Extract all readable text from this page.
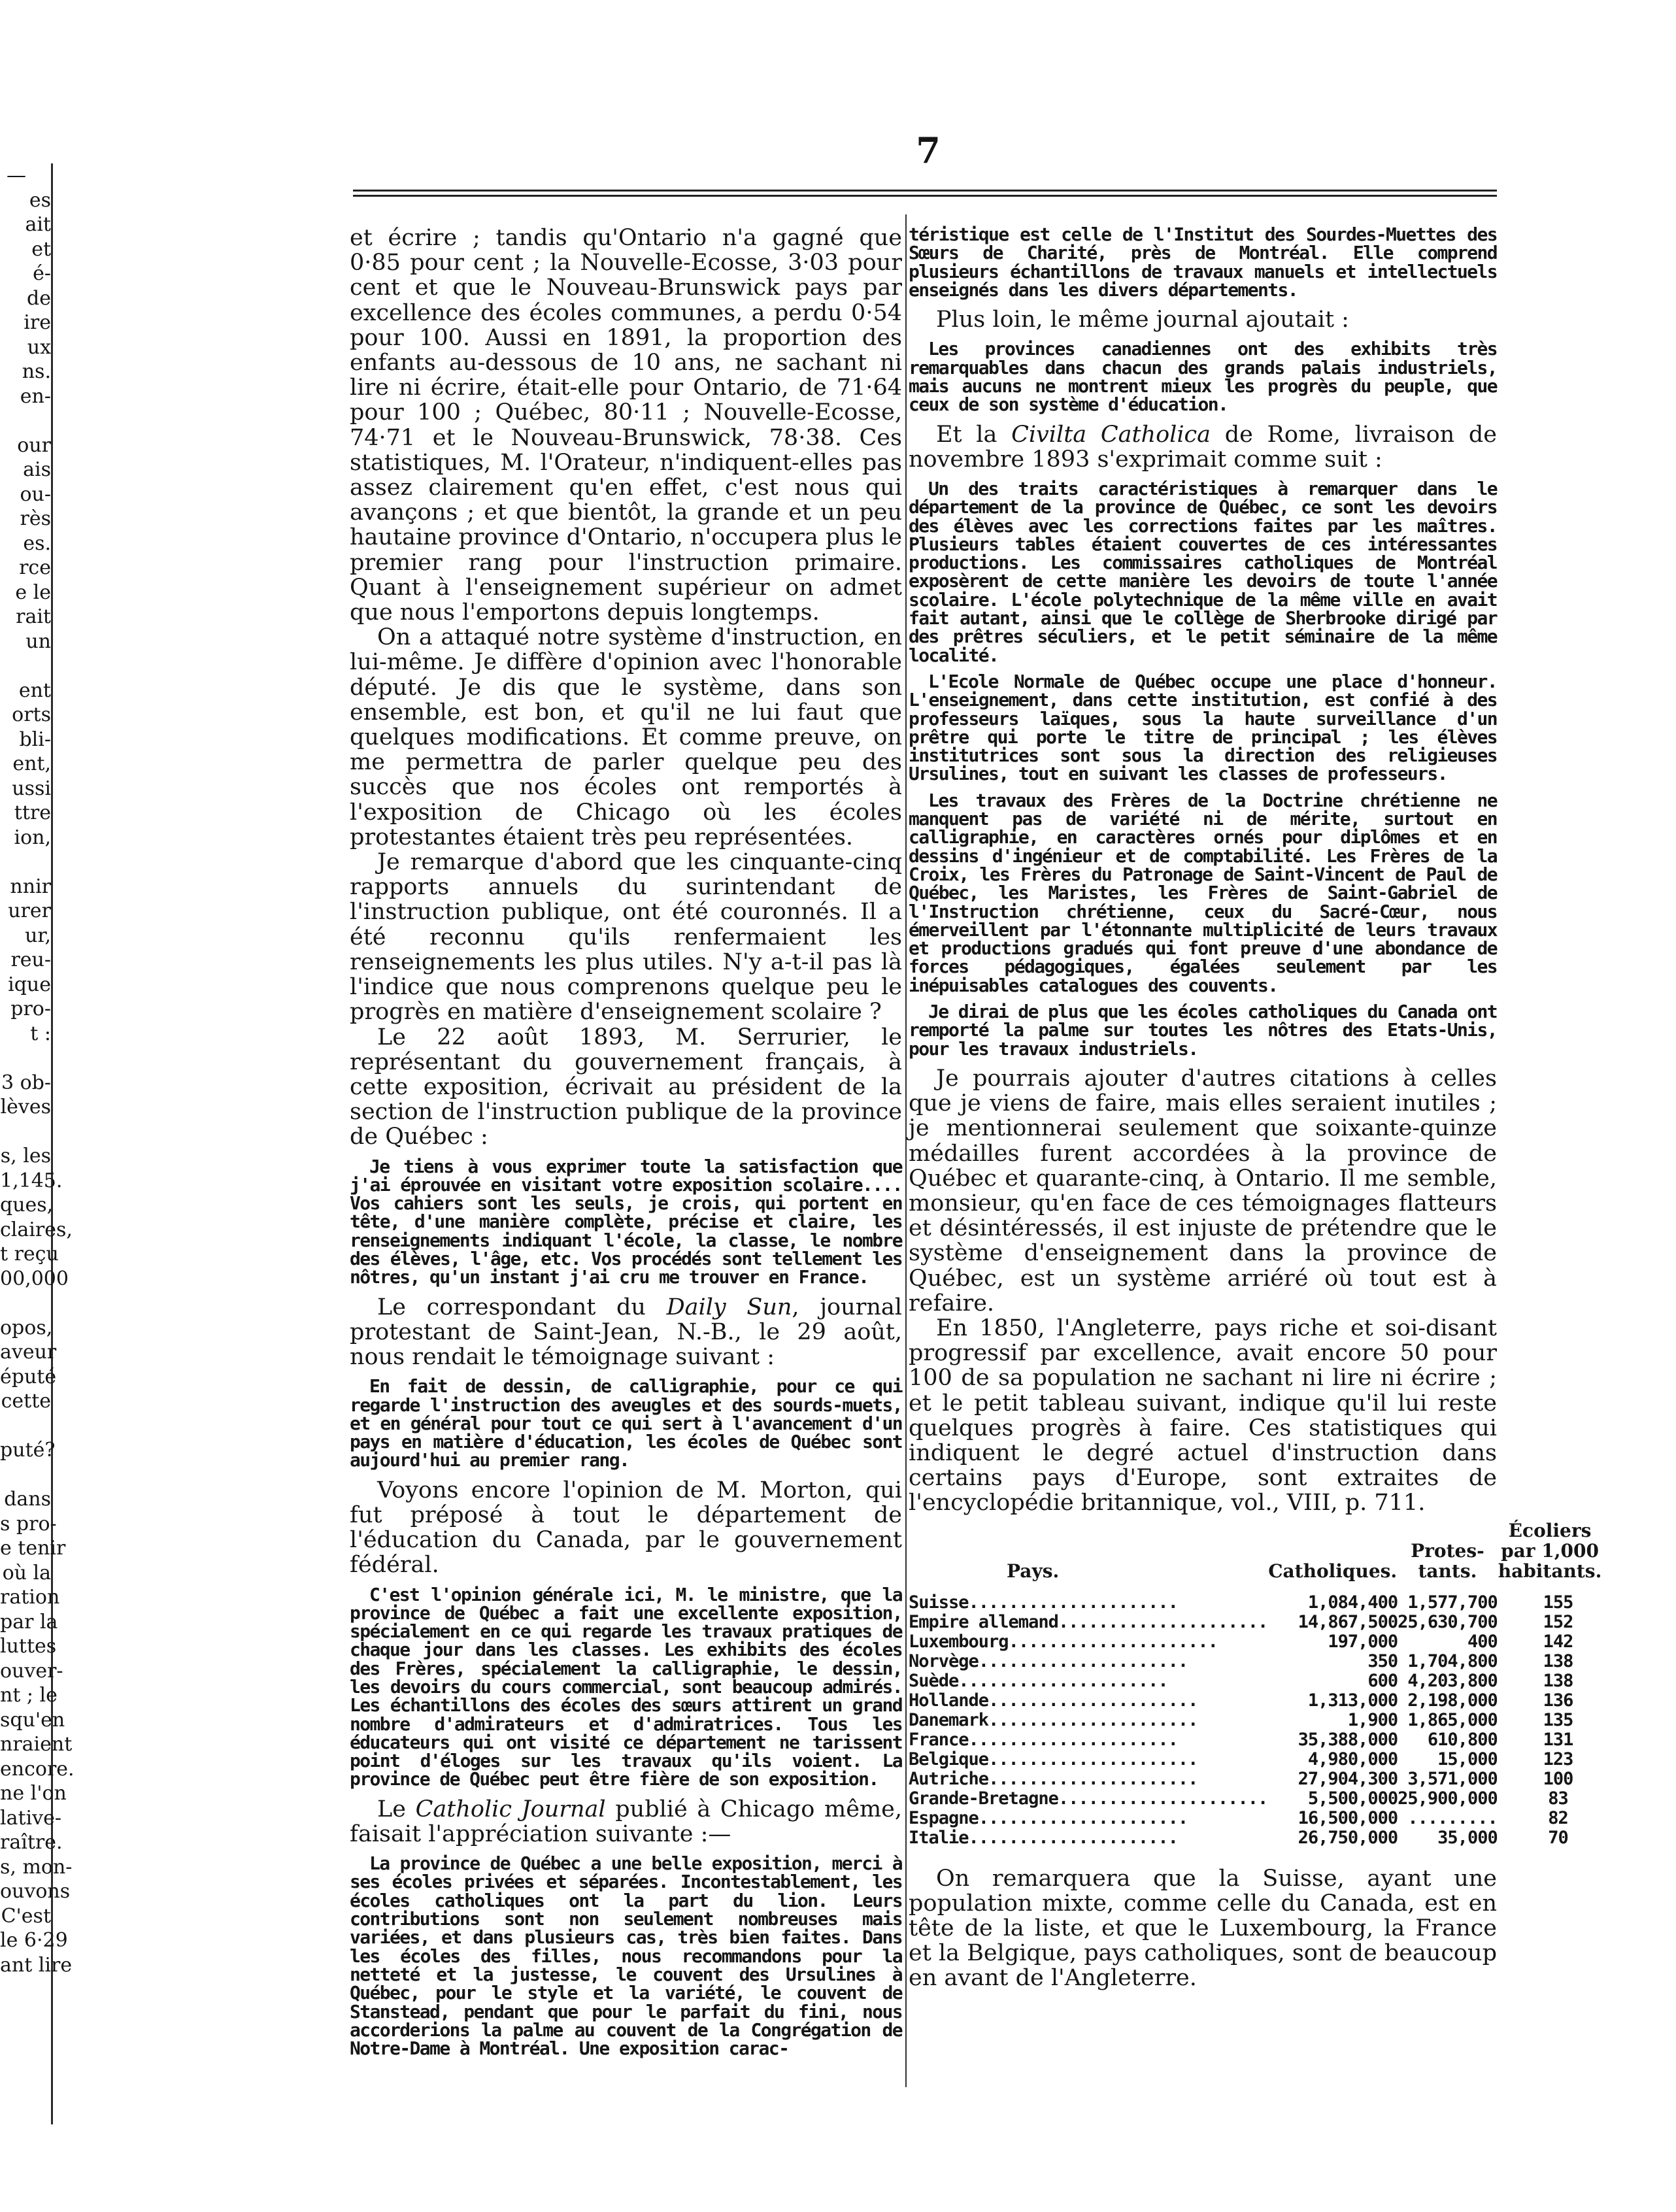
—
es
ait
et
é-
de
ire
ux
ns.
en-

our
ais
ou-
rès
es.
rce
e le
rait
un

ent
orts
bli-
ent,
ussi
ttre
ion,

nnir
urer
ur,
reu-
ique
pro-
t :

3 ob-
lèves

s, les
1,145.
ques,
claires,
t reçu
00,000

opos,
aveur
éputé
cette

puté?

dans
s pro-
e tenir
où la
ration
par la
luttes
ouver-
nt ; le
squ'en
nraient
encore.
ne l'on
lative-
raître.
s, mon-
ouvons
C'est
le 6·29
ant lire
7

et écrire ; tandis qu'Ontario n'a gagné que 0·85 pour cent ; la Nouvelle-Ecosse, 3·03 pour cent et que le Nouveau-Brunswick pays par excellence des écoles communes, a perdu 0·54 pour 100. Aussi en 1891, la proportion des enfants au-dessous de 10 ans, ne sachant ni lire ni écrire, était-elle pour Ontario, de 71·64 pour 100 ; Québec, 80·11 ; Nouvelle-Ecosse, 74·71 et le Nouveau-Brunswick, 78·38. Ces statistiques, M. l'Orateur, n'indiquent-elles pas assez clairement qu'en effet, c'est nous qui avançons ; et que bientôt, la grande et un peu hautaine province d'Ontario, n'occupera plus le premier rang pour l'instruction primaire. Quant à l'enseignement supérieur on admet que nous l'emportons depuis longtemps.

On a attaqué notre système d'instruction, en lui-même. Je diffère d'opinion avec l'honorable député. Je dis que le système, dans son ensemble, est bon, et qu'il ne lui faut que quelques modifications. Et comme preuve, on me permettra de parler quelque peu des succès que nos écoles ont remportés à l'exposition de Chicago où les écoles protestantes étaient très peu représentées.

Je remarque d'abord que les cinquante-cinq rapports annuels du surintendant de l'instruction publique, ont été couronnés. Il a été reconnu qu'ils renfermaient les renseignements les plus utiles. N'y a-t-il pas là l'indice que nous comprenons quelque peu le progrès en matière d'enseignement scolaire ?

Le 22 août 1893, M. Serrurier, le représentant du gouvernement français, à cette exposition, écrivait au président de la section de l'instruction publique de la province de Québec :

Je tiens à vous exprimer toute la satisfaction que j'ai éprouvée en visitant votre exposition scolaire.... Vos cahiers sont les seuls, je crois, qui portent en tête, d'une manière complète, précise et claire, les renseignements indiquant l'école, la classe, le nombre des élèves, l'âge, etc. Vos procédés sont tellement les nôtres, qu'un instant j'ai cru me trouver en France.

Le correspondant du Daily Sun, journal protestant de Saint-Jean, N.-B., le 29 août, nous rendait le témoignage suivant :

En fait de dessin, de calligraphie, pour ce qui regarde l'instruction des aveugles et des sourds-muets, et en général pour tout ce qui sert à l'avancement d'un pays en matière d'éducation, les écoles de Québec sont aujourd'hui au premier rang.

Voyons encore l'opinion de M. Morton, qui fut préposé à tout le département de l'éducation du Canada, par le gouvernement fédéral.

C'est l'opinion générale ici, M. le ministre, que la province de Québec a fait une excellente exposition, spécialement en ce qui regarde les travaux pratiques de chaque jour dans les classes. Les exhibits des écoles des Frères, spécialement la calligraphie, le dessin, les devoirs du cours commercial, sont beaucoup admirés. Les échantillons des écoles des sœurs attirent un grand nombre d'admirateurs et d'admiratrices. Tous les éducateurs qui ont visité ce département ne tarissent point d'éloges sur les travaux qu'ils voient. La province de Québec peut être fière de son exposition.

Le Catholic Journal publié à Chicago même, faisait l'appréciation suivante :—

La province de Québec a une belle exposition, merci à ses écoles privées et séparées. Incontestablement, les écoles catholiques ont la part du lion. Leurs contributions sont non seulement nombreuses mais variées, et dans plusieurs cas, très bien faites. Dans les écoles des filles, nous recommandons pour la netteté et la justesse, le couvent des Ursulines à Québec, pour le style et la variété, le couvent de Stanstead, pendant que pour le parfait du fini, nous accorderions la palme au couvent de la Congrégation de Notre-Dame à Montréal. Une exposition carac-

téristique est celle de l'Institut des Sourdes-Muettes des Sœurs de Charité, près de Montréal. Elle comprend plusieurs échantillons de travaux manuels et intellectuels enseignés dans les divers départements.

Plus loin, le même journal ajoutait :

Les provinces canadiennes ont des exhibits très remarquables dans chacun des grands palais industriels, mais aucuns ne montrent mieux les progrès du peuple, que ceux de son système d'éducation.

Et la Civilta Catholica de Rome, livraison de novembre 1893 s'exprimait comme suit :

Un des traits caractéristiques à remarquer dans le département de la province de Québec, ce sont les devoirs des élèves avec les corrections faites par les maîtres. Plusieurs tables étaient couvertes de ces intéressantes productions. Les commissaires catholiques de Montréal exposèrent de cette manière les devoirs de toute l'année scolaire. L'école polytechnique de la même ville en avait fait autant, ainsi que le collège de Sherbrooke dirigé par des prêtres séculiers, et le petit séminaire de la même localité.

L'Ecole Normale de Québec occupe une place d'honneur. L'enseignement, dans cette institution, est confié à des professeurs laïques, sous la haute surveillance d'un prêtre qui porte le titre de principal ; les élèves institutrices sont sous la direction des religieuses Ursulines, tout en suivant les classes de professeurs.

Les travaux des Frères de la Doctrine chrétienne ne manquent pas de variété ni de mérite, surtout en calligraphie, en caractères ornés pour diplômes et en dessins d'ingénieur et de comptabilité. Les Frères de la Croix, les Frères du Patronage de Saint-Vincent de Paul de Québec, les Maristes, les Frères de Saint-Gabriel de l'Instruction chrétienne, ceux du Sacré-Cœur, nous émerveillent par l'étonnante multiplicité de leurs travaux et productions gradués qui font preuve d'une abondance de forces pédagogiques, égalées seulement par les inépuisables catalogues des couvents.

Je dirai de plus que les écoles catholiques du Canada ont remporté la palme sur toutes les nôtres des Etats-Unis, pour les travaux industriels.

Je pourrais ajouter d'autres citations à celles que je viens de faire, mais elles seraient inutiles ; je mentionnerai seulement que soixante-quinze médailles furent accordées à la province de Québec et quarante-cinq, à Ontario. Il me semble, monsieur, qu'en face de ces témoignages flatteurs et désintéressés, il est injuste de prétendre que le système d'enseignement dans la province de Québec, est un système arriéré où tout est à refaire.

En 1850, l'Angleterre, pays riche et soi-disant progressif par excellence, avait encore 50 pour 100 de sa population ne sachant ni lire ni écrire ; et le petit tableau suivant, indique qu'il lui reste quelques progrès à faire. Ces statistiques qui indiquent le degré actuel d'instruction dans certains pays d'Europe, sont extraites de l'encyclopédie britannique, vol., VIII, p. 711.

Pays.	Catholiques.	Protes-tants.	Écoliers par 1,000 habitants.
Suisse.....................	1,084,400	1,577,700	155
Empire allemand.....................	14,867,500	25,630,700	152
Luxembourg.....................	197,000	400	142
Norvège.....................	350	1,704,800	138
Suède.....................	600	4,203,800	138
Hollande.....................	1,313,000	2,198,000	136
Danemark.....................	1,900	1,865,000	135
France.....................	35,388,000	610,800	131
Belgique.....................	4,980,000	15,000	123
Autriche.....................	27,904,300	3,571,000	100
Grande-Bretagne.....................	5,500,000	25,900,000	83
Espagne.....................	16,500,000	.........	82
Italie.....................	26,750,000	35,000	70

On remarquera que la Suisse, ayant une population mixte, comme celle du Canada, est en tête de la liste, et que le Luxembourg, la France et la Belgique, pays catholiques, sont de beaucoup en avant de l'Angleterre.
